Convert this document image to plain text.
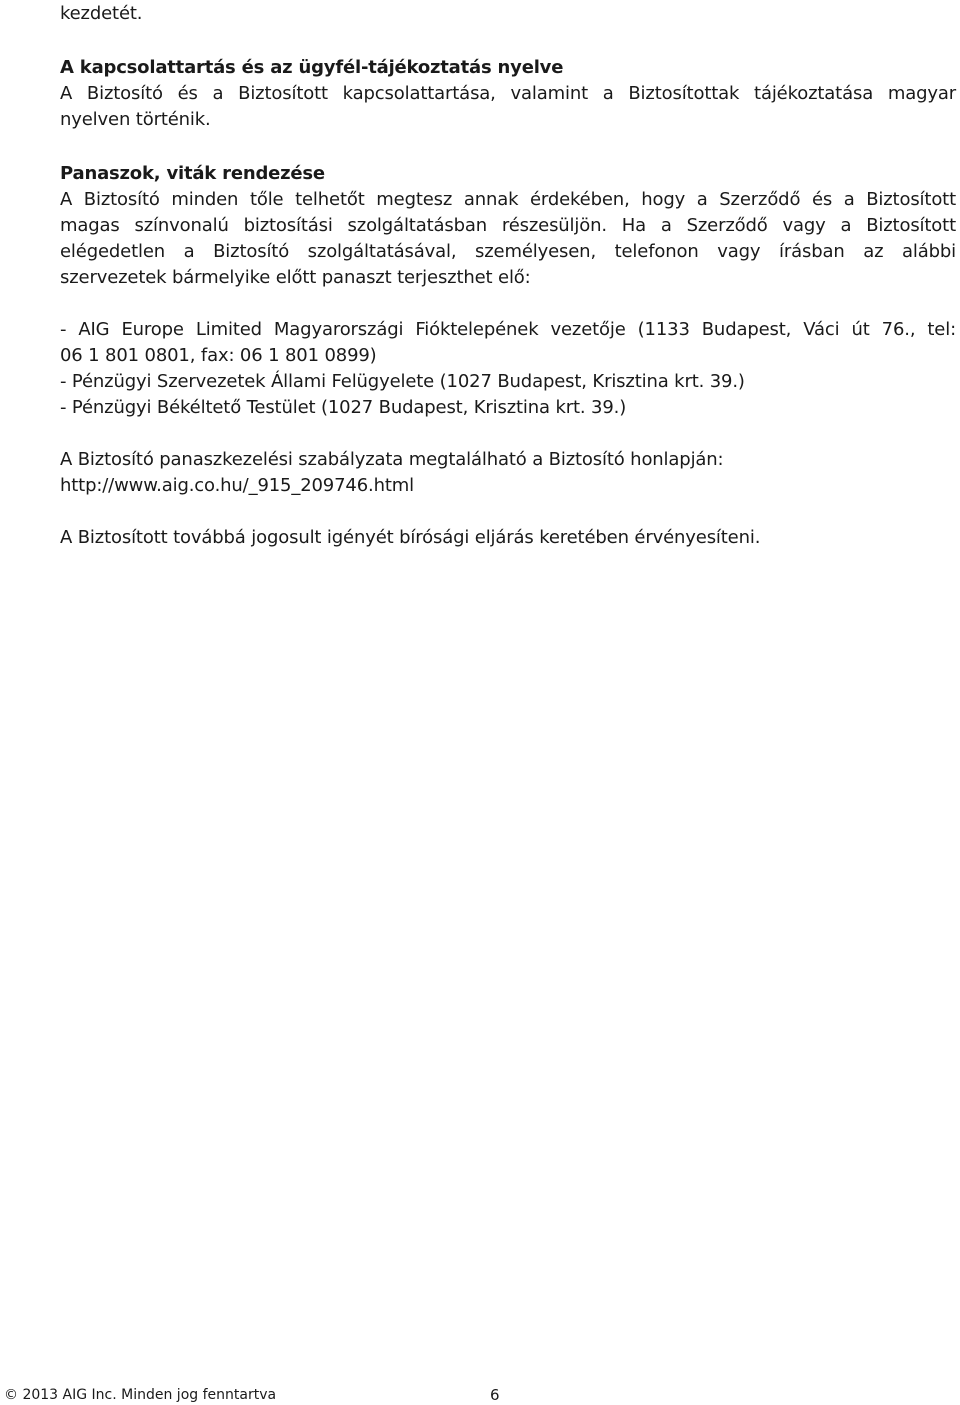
kezdetét.
A kapcsolattartás és az ügyfél-tájékoztatás nyelve
A Biztosító és a Biztosított kapcsolattartása, valamint a Biztosítottak tájékoztatása magyar
nyelven történik.
Panaszok, viták rendezése
A Biztosító minden tőle telhetőt megtesz annak érdekében, hogy a Szerződő és a Biztosított
magas színvonalú biztosítási szolgáltatásban részesüljön. Ha a Szerződő vagy a Biztosított
elégedetlen a Biztosító szolgáltatásával, személyesen, telefonon vagy írásban az alábbi
szervezetek bármelyike előtt panaszt terjeszthet elő:
- AIG Europe Limited Magyarországi Fióktelepének vezetője (1133 Budapest, Váci út 76., tel:
06 1 801 0801, fax: 06 1 801 0899)
- Pénzügyi Szervezetek Állami Felügyelete (1027 Budapest, Krisztina krt. 39.)
- Pénzügyi Békéltető Testület (1027 Budapest, Krisztina krt. 39.)
A Biztosító panaszkezelési szabályzata megtalálható a Biztosító honlapján:
http://www.aig.co.hu/_915_209746.html
A Biztosított továbbá jogosult igényét bírósági eljárás keretében érvényesíteni.
© 2013 AIG Inc. Minden jog fenntartva	6
